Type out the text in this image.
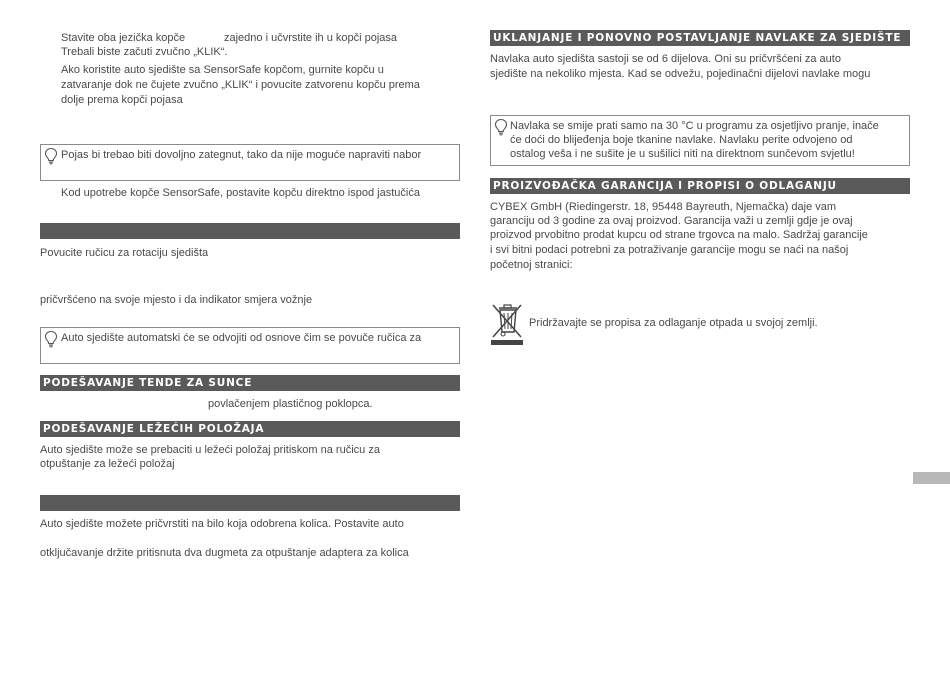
Stavite oba jezička kopče	zajedno i učvrstite ih u kopči pojasa
Trebali biste začuti zvučno „KLIK“.
Ako koristite auto sjedište sa SensorSafe kopčom, gurnite kopču u
zatvaranje dok ne čujete zvučno „KLIK“ i povucite zatvorenu kopču prema
dolje prema kopči pojasa
Pojas bi trebao biti dovoljno zategnut, tako da nije moguće napraviti nabor
Kod upotrebe kopče SensorSafe, postavite kopču direktno ispod jastučića
Povucite ručicu za rotaciju sjedišta
pričvršćeno na svoje mjesto i da indikator smjera vožnje
Auto sjedište automatski će se odvojiti od osnove čim se povuče ručica za
PODEŠAVANJE TENDE ZA SUNCE
povlačenjem plastičnog poklopca.
PODEŠAVANJE LEŽEĆIH POLOŽAJA
Auto sjedište može se prebaciti u ležeći položaj pritiskom na ručicu za
otpuštanje za ležeći položaj
Auto sjedište možete pričvrstiti na bilo koja odobrena kolica. Postavite auto
otključavanje držite pritisnuta dva dugmeta za otpuštanje adaptera za kolica
UKLANJANJE I PONOVNO POSTAVLJANJE NAVLAKE ZA SJEDIŠTE
Navlaka auto sjedišta sastoji se od 6 dijelova. Oni su pričvršćeni za auto
sjedište na nekoliko mjesta. Kad se odvežu, pojedinačni dijelovi navlake mogu
Navlaka se smije prati samo na 30 °C u programu za osjetljivo pranje, inače
će doći do blijeđenja boje tkanine navlake. Navlaku perite odvojeno od
ostalog veša i ne sušite je u sušilici niti na direktnom sunčevom svjetlu!
PROIZVOĐAČKA GARANCIJA I PROPISI O ODLAGANJU
CYBEX GmbH (Riedingerstr. 18, 95448 Bayreuth, Njemačka) daje vam
garanciju od 3 godine za ovaj proizvod. Garancija važi u zemlji gdje je ovaj
proizvod prvobitno prodat kupcu od strane trgovca na malo. Sadržaj garancije
i svi bitni podaci potrebni za potraživanje garancije mogu se naći na našoj
početnoj stranici:
Pridržavajte se propisa za odlaganje otpada u svojoj zemlji.
